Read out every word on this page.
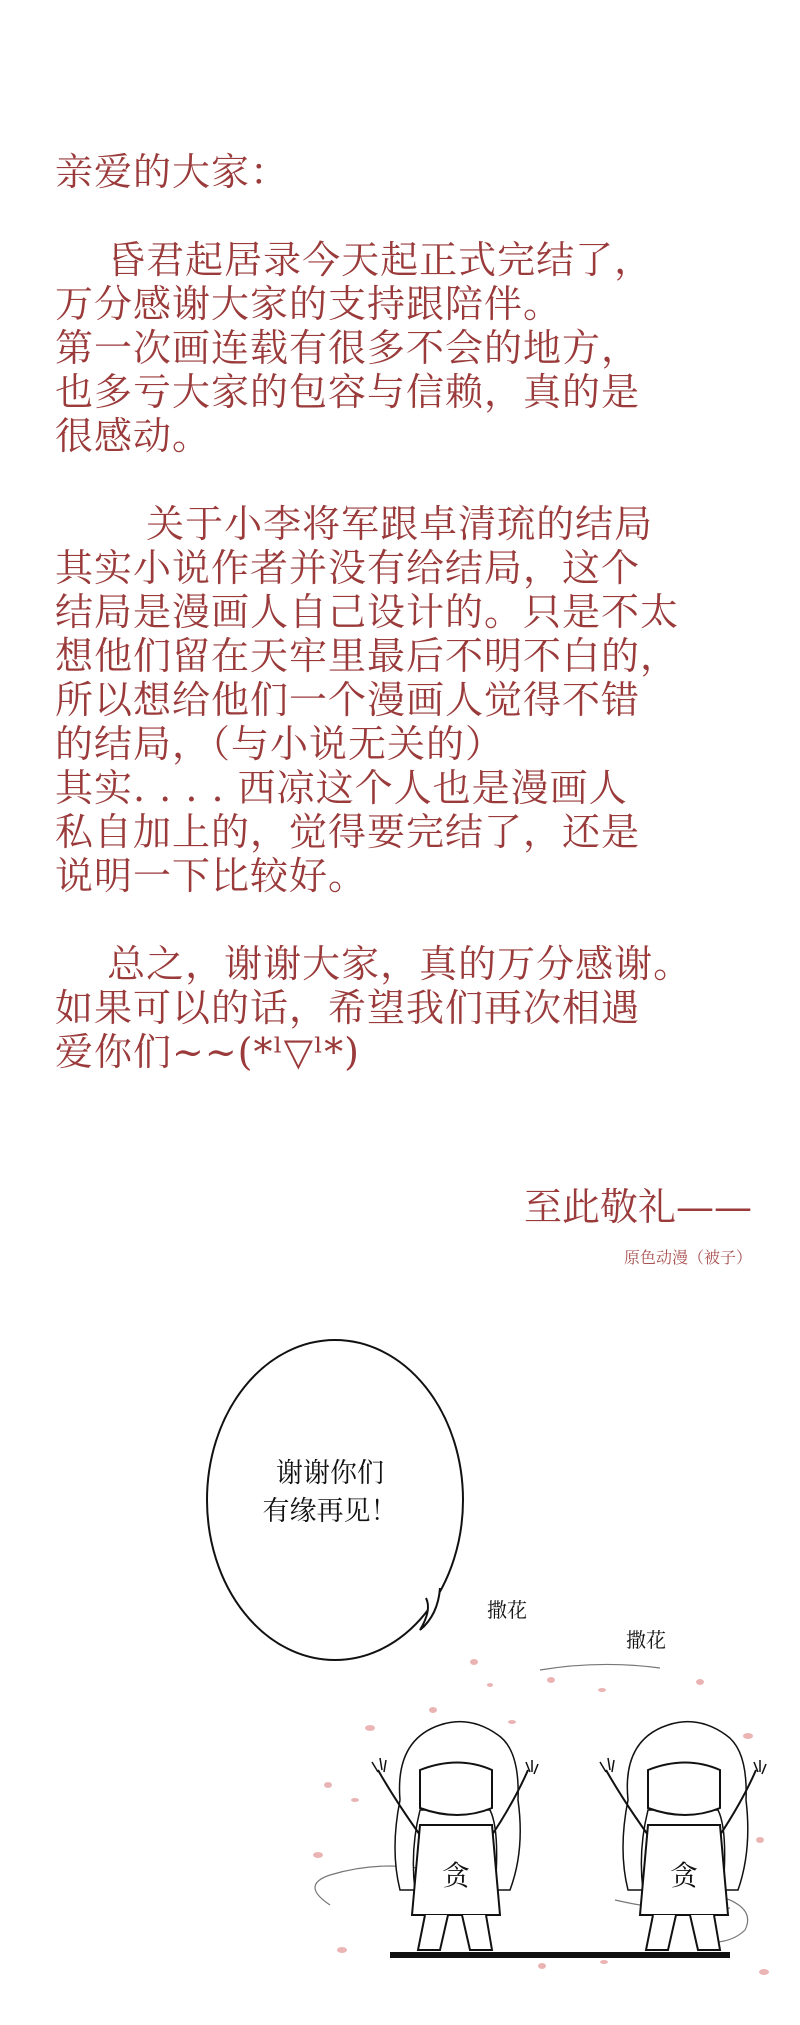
亲爱的大家：
　 昏君起居录今天起正式完结了，
万分感谢大家的支持跟陪伴。
第一次画连载有很多不会的地方，
也多亏大家的包容与信赖，真的是
很感动。
　 　关于小李将军跟卓清琉的结局
其实小说作者并没有给结局，这个
结局是漫画人自己设计的。只是不太
想他们留在天牢里最后不明不白的，
所以想给他们一个漫画人觉得不错
的结局，（与小说无关的）
其实. . . . 西凉这个人也是漫画人
私自加上的，觉得要完结了，还是
说明一下比较好。
　 总之，谢谢大家，真的万分感谢。
如果可以的话，希望我们再次相遇
爱你们~~(*ˡ▽ˡ*)
至此敬礼——
原色动漫（被子）
贪	贪
谢谢你们
有缘再见！
撒花
撒花
